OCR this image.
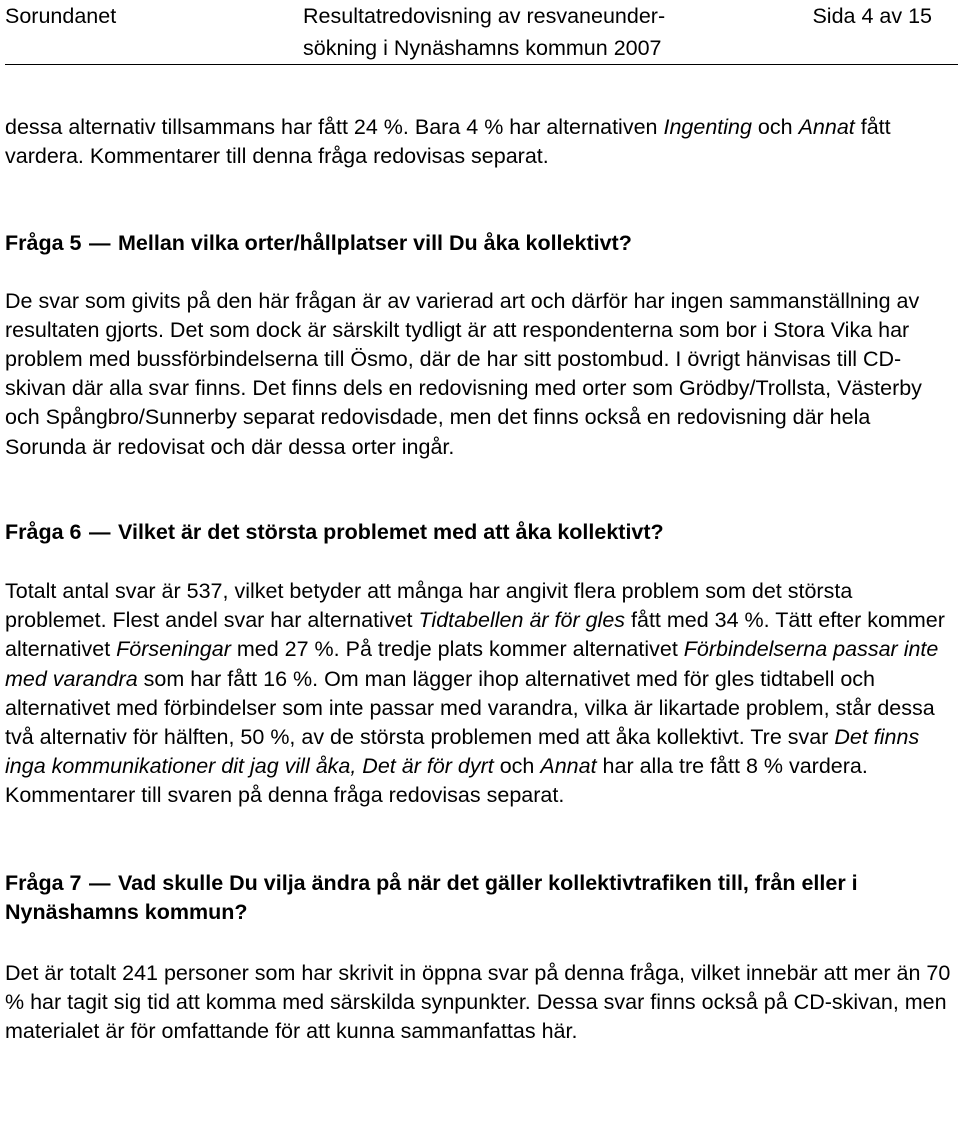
Sorundanet	Resultatredovisning av resvaneunder-
sökning i Nynäshamns kommun 2007
Sida 4 av 15

dessa alternativ tillsammans har fått 24 %. Bara 4 % har alternativen Ingenting och Annat fått vardera. Kommentarer till denna fråga redovisas separat.

Fråga 5 — Mellan vilka orter/hållplatser vill Du åka kollektivt?

De svar som givits på den här frågan är av varierad art och därför har ingen sammanställning av resultaten gjorts. Det som dock är särskilt tydligt är att respondenterna som bor i Stora Vika har problem med bussförbindelserna till Ösmo, där de har sitt postombud. I övrigt hänvisas till CD-skivan där alla svar finns. Det finns dels en redovisning med orter som Grödby/Trollsta, Västerby och Spångbro/Sunnerby separat redovisdade, men det finns också en redovisning där hela Sorunda är redovisat och där dessa orter ingår.

Fråga 6 — Vilket är det största problemet med att åka kollektivt?

Totalt antal svar är 537, vilket betyder att många har angivit flera problem som det största problemet. Flest andel svar har alternativet Tidtabellen är för gles fått med 34 %. Tätt efter kommer alternativet Förseningar med 27 %. På tredje plats kommer alternativet Förbindelserna passar inte med varandra som har fått 16 %. Om man lägger ihop alternativet med för gles tidtabell och alternativet med förbindelser som inte passar med varandra, vilka är likartade problem, står dessa två alternativ för hälften, 50 %, av de största problemen med att åka kollektivt. Tre svar Det finns inga kommunikationer dit jag vill åka, Det är för dyrt och Annat har alla tre fått 8 % vardera. Kommentarer till svaren på denna fråga redovisas separat.

Fråga 7 — Vad skulle Du vilja ändra på när det gäller kollektivtrafiken till, från eller i Nynäshamns kommun?

Det är totalt 241 personer som har skrivit in öppna svar på denna fråga, vilket innebär att mer än 70 % har tagit sig tid att komma med särskilda synpunkter. Dessa svar finns också på CD-skivan, men materialet är för omfattande för att kunna sammanfattas här.
